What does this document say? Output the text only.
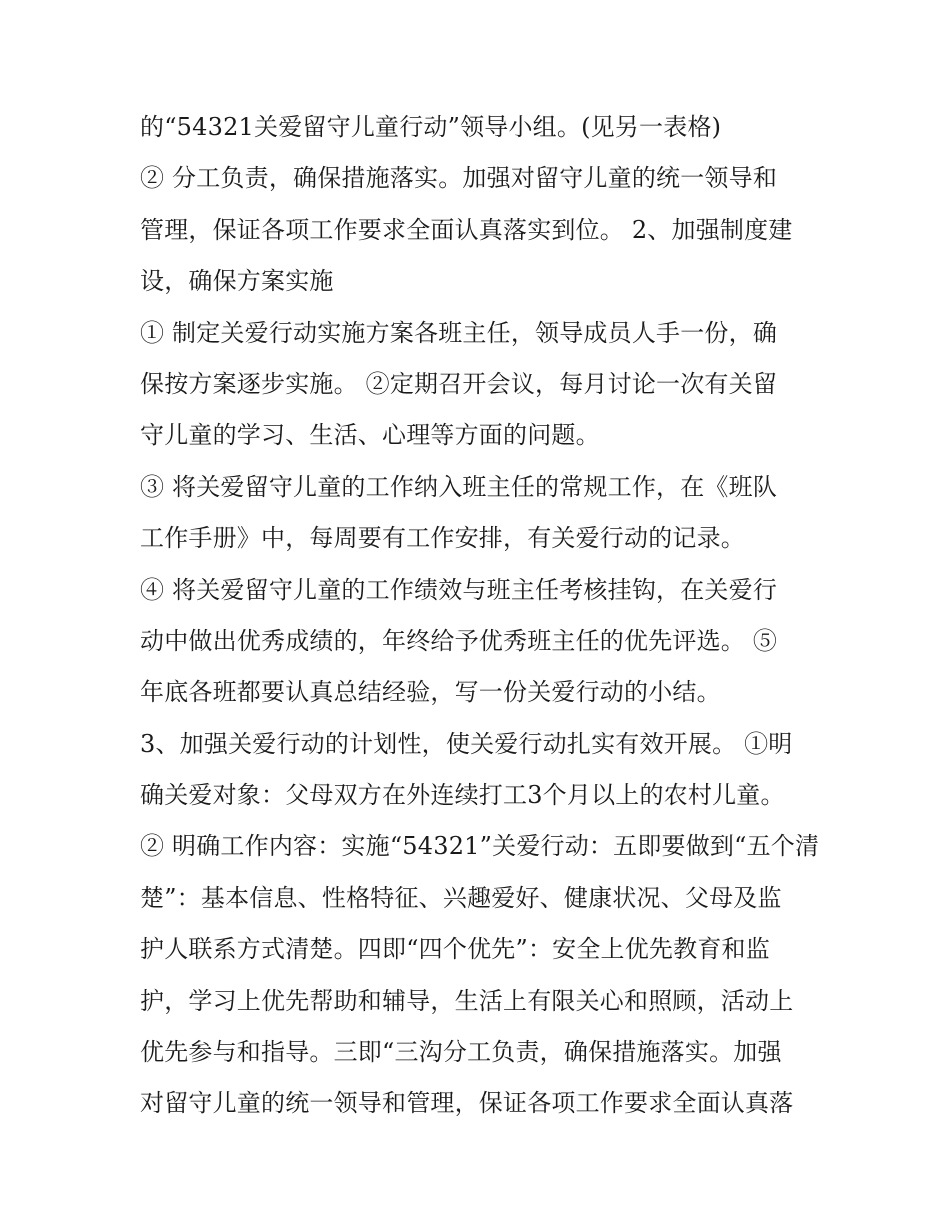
的“54321关爱留守儿童行动”领导小组。(见另一表格)
② 分工负责，确保措施落实。加强对留守儿童的统一领导和
管理，保证各项工作要求全面认真落实到位。 2、加强制度建
设，确保方案实施
① 制定关爱行动实施方案各班主任，领导成员人手一份，确
保按方案逐步实施。 ②定期召开会议，每月讨论一次有关留
守儿童的学习、生活、心理等方面的问题。
③ 将关爱留守儿童的工作纳入班主任的常规工作，在《班队
工作手册》中，每周要有工作安排，有关爱行动的记录。
④ 将关爱留守儿童的工作绩效与班主任考核挂钩，在关爱行
动中做出优秀成绩的，年终给予优秀班主任的优先评选。 ⑤
年底各班都要认真总结经验，写一份关爱行动的小结。
3、加强关爱行动的计划性，使关爱行动扎实有效开展。 ①明
确关爱对象：父母双方在外连续打工3个月以上的农村儿童。
② 明确工作内容：实施“54321”关爱行动：五即要做到“五个清
楚”：基本信息、性格特征、兴趣爱好、健康状况、父母及监
护人联系方式清楚。四即“四个优先”：安全上优先教育和监
护，学习上优先帮助和辅导，生活上有限关心和照顾，活动上
优先参与和指导。三即“三沟分工负责，确保措施落实。加强
对留守儿童的统一领导和管理，保证各项工作要求全面认真落
